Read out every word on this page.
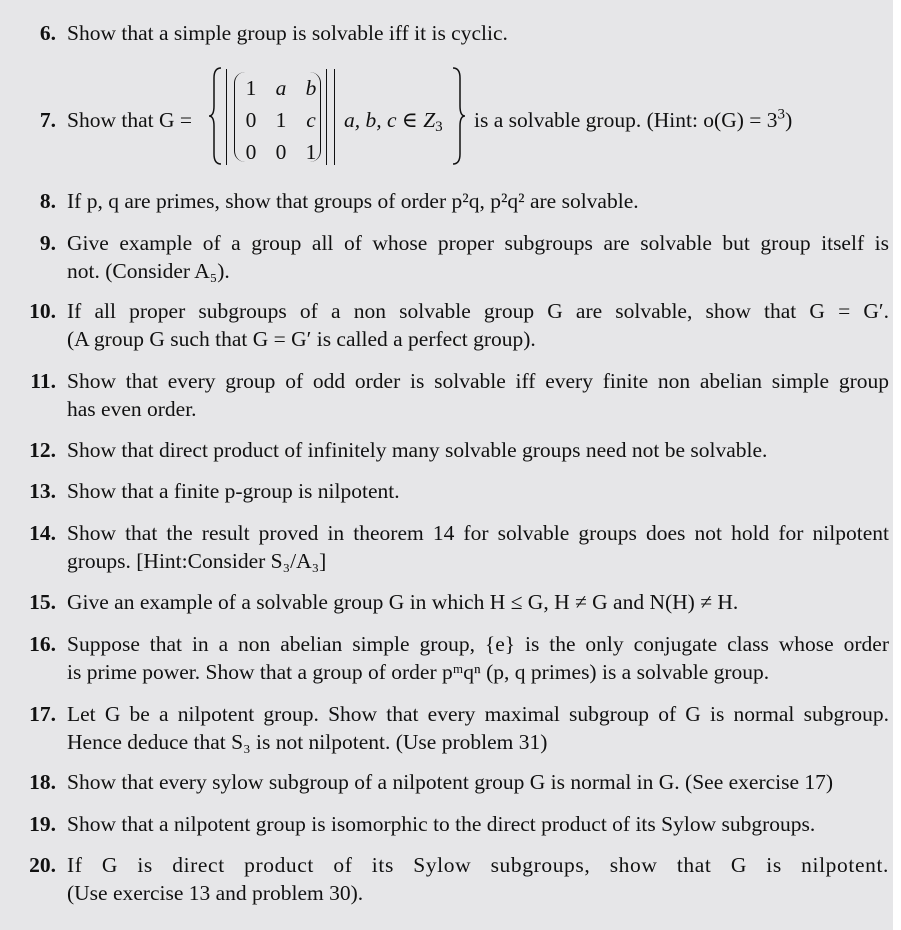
6. Show that a simple group is solvable iff it is cyclic.
7. Show that G =
1 a b
0 1 c
0 0 1
a, b, c ∈ $Z_3$ is a solvable group. (Hint: $o(G) = 3^3$)
8. If p, q are primes, show that groups of order p²q, p²q² are solvable.
9. Give example of a group all of whose proper subgroups are solvable but group itself is
not. (Consider A₅).
10. If all proper subgroups of a non solvable group G are solvable, show that G = G′.
(A group G such that G = G′ is called a perfect group).
11. Show that every group of odd order is solvable iff every finite non abelian simple group
has even order.
12. Show that direct product of infinitely many solvable groups need not be solvable.
13. Show that a finite p-group is nilpotent.
14. Show that the result proved in theorem 14 for solvable groups does not hold for nilpotent
groups. [Hint:Consider S₃/A₃]
15. Give an example of a solvable group G in which H ≤ G, H ≠ G and N(H) ≠ H.
16. Suppose that in a non abelian simple group, {e} is the only conjugate class whose order
is prime power. Show that a group of order pᵐqⁿ (p, q primes) is a solvable group.
17. Let G be a nilpotent group. Show that every maximal subgroup of G is normal subgroup.
Hence deduce that S₃ is not nilpotent. (Use problem 31)
18. Show that every sylow subgroup of a nilpotent group G is normal in G. (See exercise 17)
19. Show that a nilpotent group is isomorphic to the direct product of its Sylow subgroups.
20. If G is direct product of its Sylow subgroups, show that G is nilpotent.
(Use exercise 13 and problem 30).
